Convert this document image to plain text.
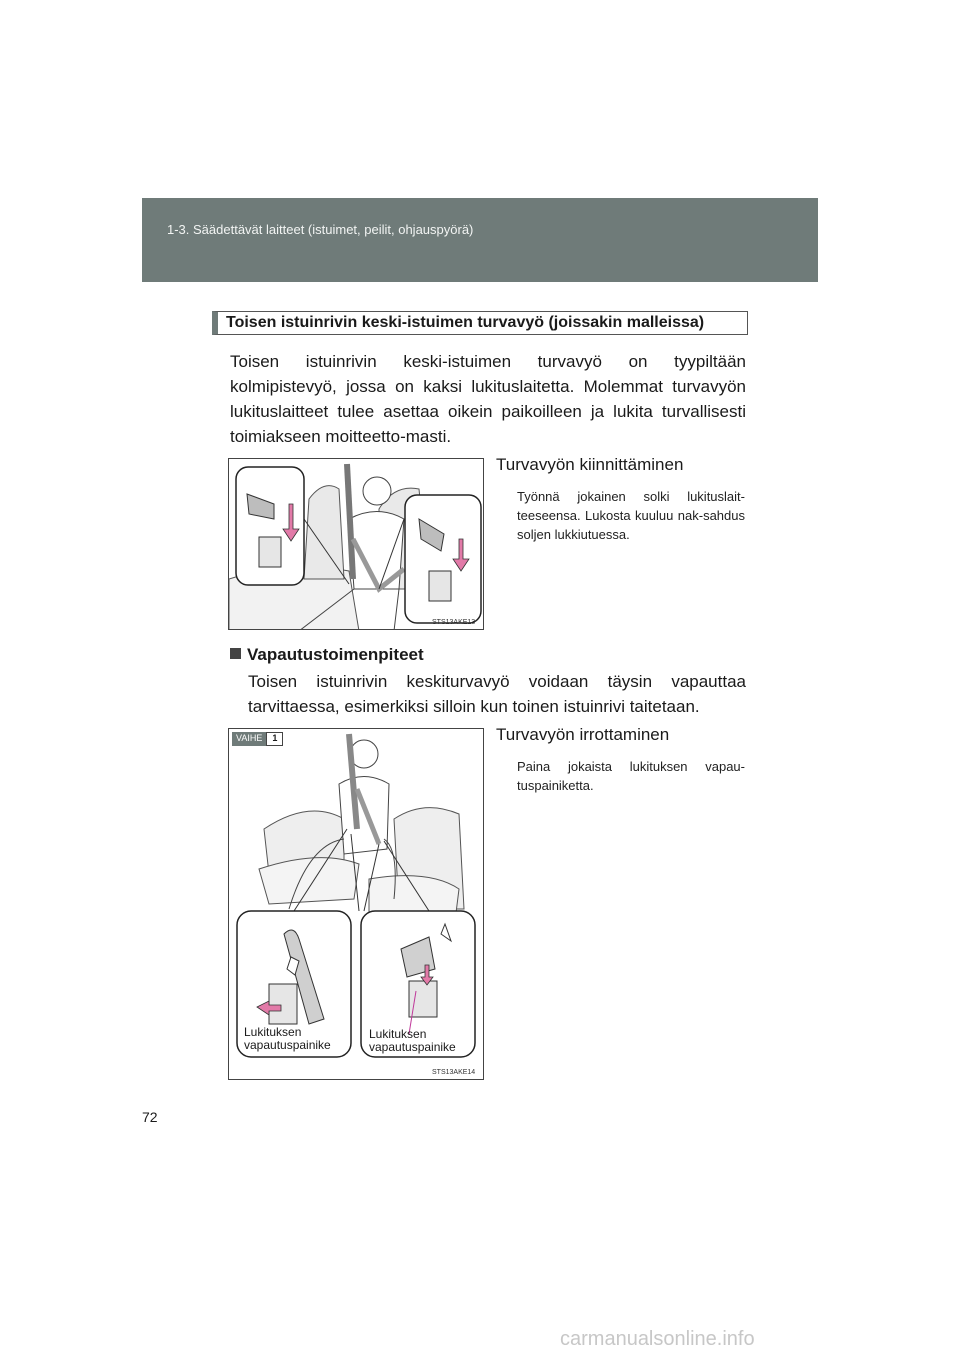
1-3. Säädettävät laitteet (istuimet, peilit, ohjauspyörä)
Toisen istuinrivin keski-istuimen turvavyö (joissakin malleissa)
Toisen istuinrivin keski-istuimen turvavyö on tyypiltään kolmipistevyö, jossa on kaksi lukituslaitetta. Molemmat turvavyön lukituslaitteet tulee asettaa oikein paikoilleen ja lukita turvallisesti toimiakseen moitteetto-masti.
STS13AKE13
Turvavyön kiinnittäminen
Työnnä jokainen solki lukituslait-teeseensa. Lukosta kuuluu nak-sahdus soljen lukkiutuessa.
Vapautustoimenpiteet
Toisen istuinrivin keskiturvavyö voidaan täysin vapauttaa tarvittaessa, esimerkiksi silloin kun toinen istuinrivi taitetaan.
STS13AKE14
VAIHE	1
Lukituksen vapautuspainike
Lukituksen vapautuspainike
Turvavyön irrottaminen
Paina jokaista lukituksen vapau-tuspainiketta.
72
carmanualsonline.info
